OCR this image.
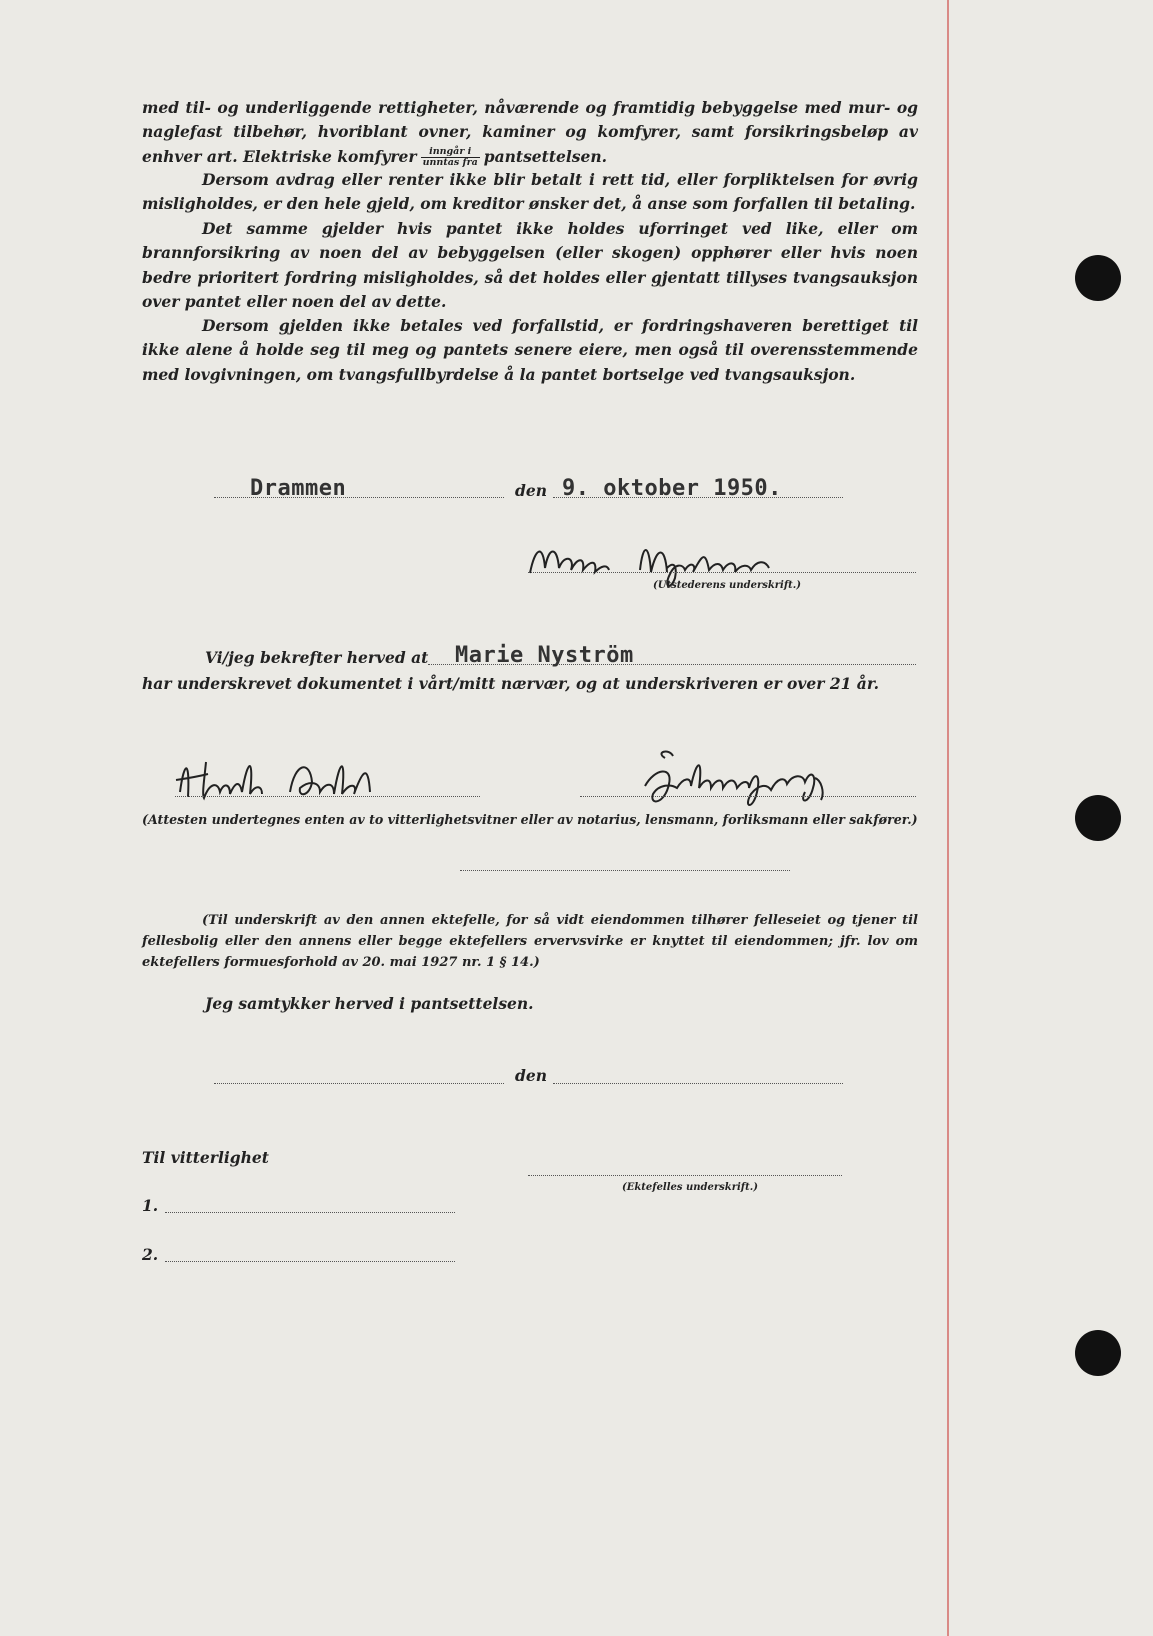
med til- og underliggende rettigheter, nåværende og framtidig bebyggelse med mur- og naglefast tilbehør, hvoriblant ovner, kaminer og komfyrer, samt forsikringsbeløp av enhver art. Elektriske komfyrer $\frac{\text{inngår i}}{\text{unntas fra}}$ pantsettelsen.
Dersom avdrag eller renter ikke blir betalt i rett tid, eller forpliktelsen for øvrig misligholdes, er den hele gjeld, om kreditor ønsker det, å anse som forfallen til betaling.
Det samme gjelder hvis pantet ikke holdes uforringet ved like, eller om brannforsikring av noen del av bebyggelsen (eller skogen) opphører eller hvis noen bedre prioritert fordring misligholdes, så det holdes eller gjentatt tillyses tvangsauksjon over pantet eller noen del av dette.
Dersom gjelden ikke betales ved forfallstid, er fordringshaveren berettiget til ikke alene å holde seg til meg og pantets senere eiere, men også til overensstemmende med lovgivningen, om tvangsfullbyrdelse å la pantet bortselge ved tvangsauksjon.
Drammen	den 9. oktober 1950.
(Utstederens underskrift.)
Vi/jeg bekrefter herved at Marie Nyström
har underskrevet dokumentet i vårt/mitt nærvær, og at underskriveren er over 21 år.
(Attesten undertegnes enten av to vitterlighetsvitner eller av notarius, lensmann, forliksmann eller sakfører.)
(Til underskrift av den annen ektefelle, for så vidt eiendommen tilhører felleseiet og tjener til fellesbolig eller den annens eller begge ektefellers ervervsvirke er knyttet til eiendommen; jfr. lov om ektefellers formuesforhold av 20. mai 1927 nr. 1 § 14.)
Jeg samtykker herved i pantsettelsen.
den
Til vitterlighet
(Ektefelles underskrift.)
1.
2.
